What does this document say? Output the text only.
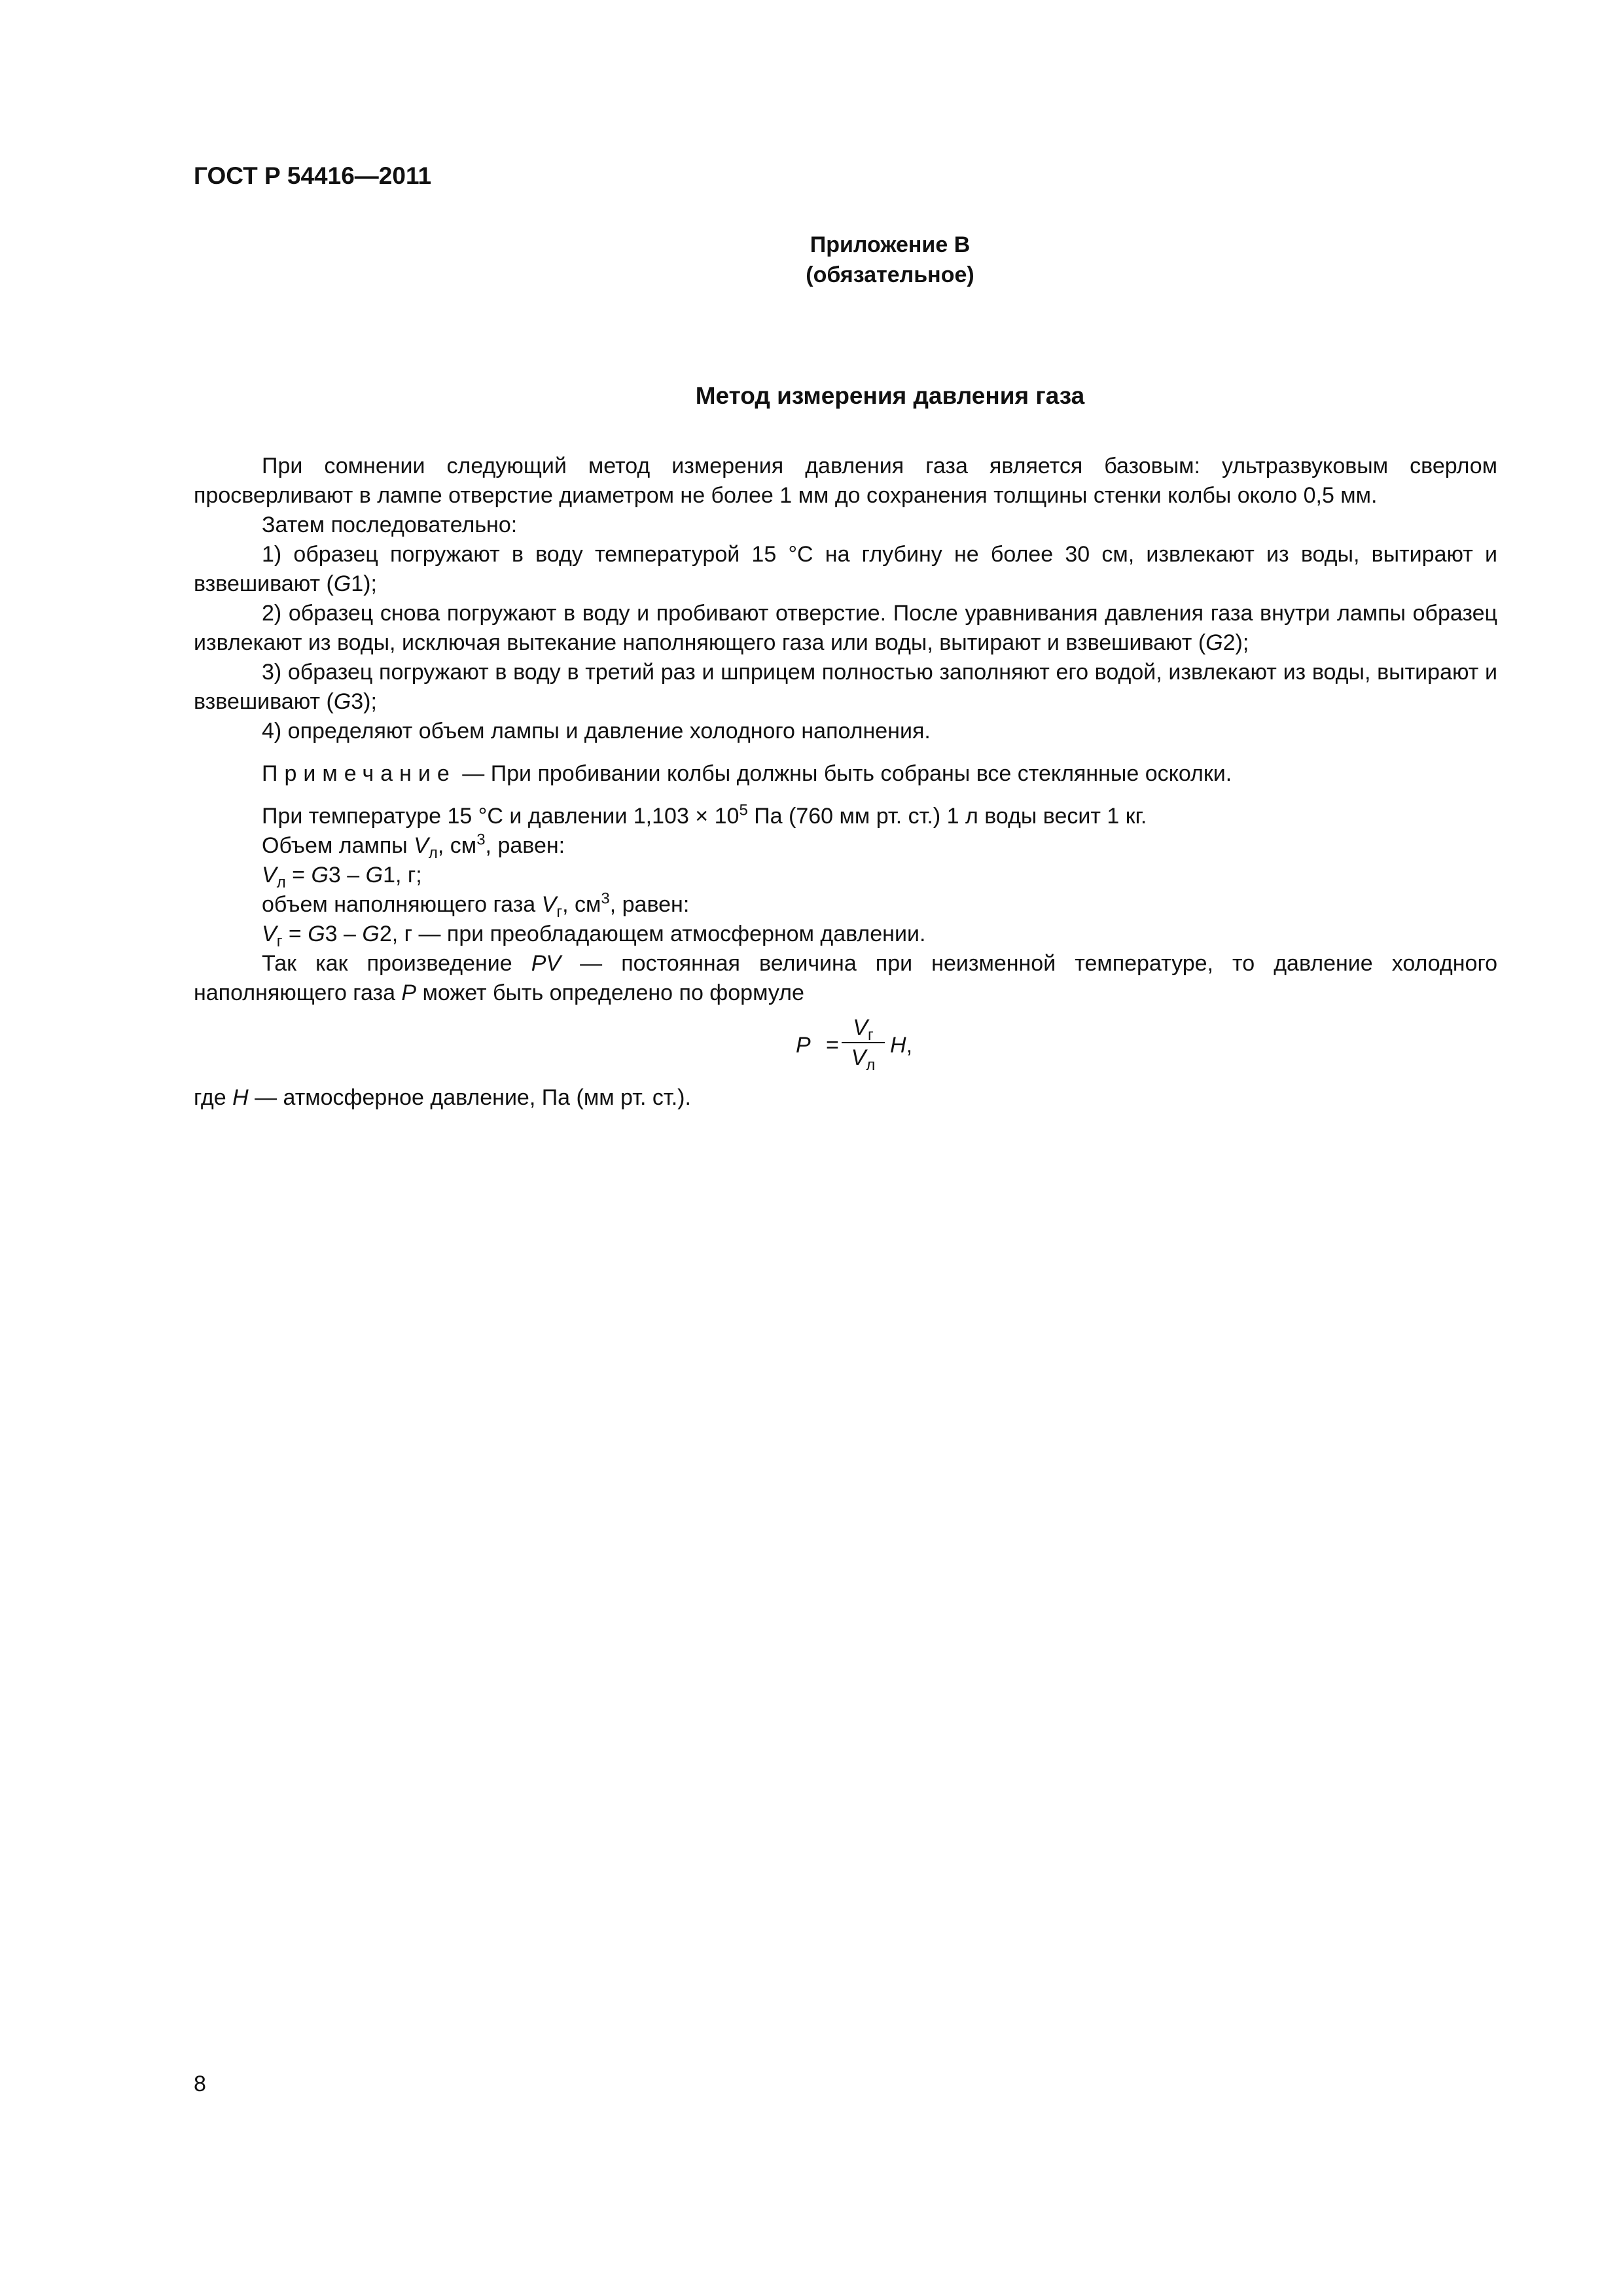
ГОСТ Р 54416—2011
Приложение В
(обязательное)
Метод измерения давления газа

При сомнении следующий метод измерения давления газа является базовым: ультразвуковым сверлом просверливают в лампе отверстие диаметром не более 1 мм до сохранения толщины стенки колбы около 0,5 мм.

Затем последовательно:

1) образец погружают в воду температурой 15 °С на глубину не более 30 см, извлекают из воды, вытирают и взвешивают (G1);

2) образец снова погружают в воду и пробивают отверстие. После уравнивания давления газа внутри лампы образец извлекают из воды, исключая вытекание наполняющего газа или воды, вытирают и взвешивают (G2);

3) образец погружают в воду в третий раз и шприцем полностью заполняют его водой, извлекают из воды, вытирают и взвешивают (G3);

4) определяют объем лампы и давление холодного наполнения.

Примечание — При пробивании колбы должны быть собраны все стеклянные осколки.

При температуре 15 °С и давлении $1,103 \times 10^5$ Па (760 мм рт. ст.) 1 л воды весит 1 кг.

Объем лампы $V_л$, $см^3$, равен:

$V_л = G3 - G1$, г;

объем наполняющего газа $V_г$, $см^3$, равен:

$V_г = G3 - G2$, г — при преобладающем атмосферном давлении.

Так как произведение PV — постоянная величина при неизменной температуре, то давление холодного наполняющего газа P может быть определено по формуле

P =
$V_г$
$V_л$
H,
где H — атмосферное давление, Па (мм рт. ст.).
8
